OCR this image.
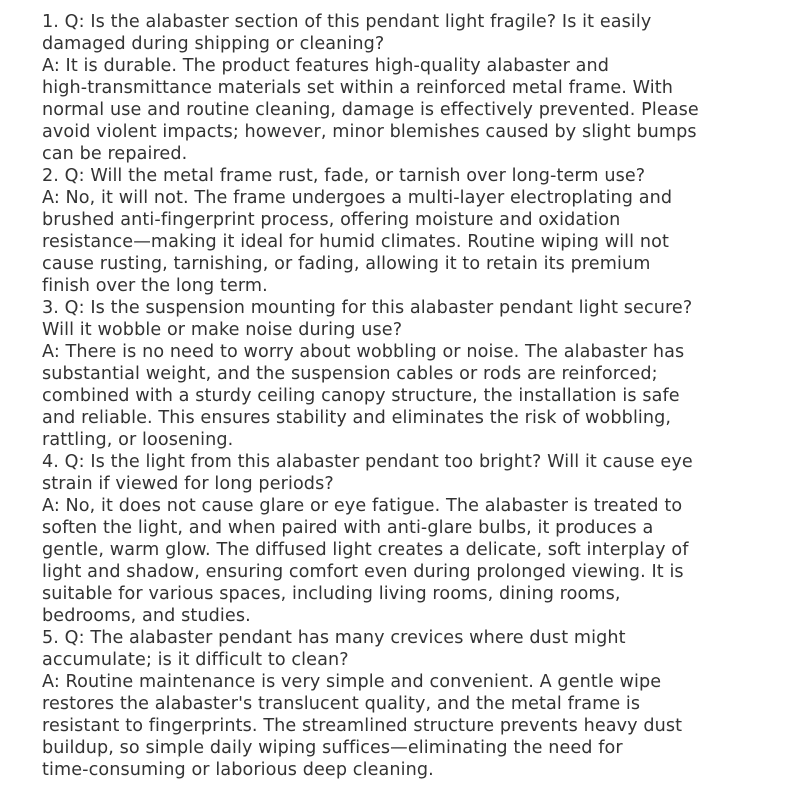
1. Q: Is the alabaster section of this pendant light fragile? Is it easily
damaged during shipping or cleaning?
A: It is durable. The product features high-quality alabaster and
high-transmittance materials set within a reinforced metal frame. With
normal use and routine cleaning, damage is effectively prevented. Please
avoid violent impacts; however, minor blemishes caused by slight bumps
can be repaired.
2. Q: Will the metal frame rust, fade, or tarnish over long-term use?
A: No, it will not. The frame undergoes a multi-layer electroplating and
brushed anti-fingerprint process, offering moisture and oxidation
resistance—making it ideal for humid climates. Routine wiping will not
cause rusting, tarnishing, or fading, allowing it to retain its premium
finish over the long term.
3. Q: Is the suspension mounting for this alabaster pendant light secure?
Will it wobble or make noise during use?
A: There is no need to worry about wobbling or noise. The alabaster has
substantial weight, and the suspension cables or rods are reinforced;
combined with a sturdy ceiling canopy structure, the installation is safe
and reliable. This ensures stability and eliminates the risk of wobbling,
rattling, or loosening.
4. Q: Is the light from this alabaster pendant too bright? Will it cause eye
strain if viewed for long periods?
A: No, it does not cause glare or eye fatigue. The alabaster is treated to
soften the light, and when paired with anti-glare bulbs, it produces a
gentle, warm glow. The diffused light creates a delicate, soft interplay of
light and shadow, ensuring comfort even during prolonged viewing. It is
suitable for various spaces, including living rooms, dining rooms,
bedrooms, and studies.
5. Q: The alabaster pendant has many crevices where dust might
accumulate; is it difficult to clean?
A: Routine maintenance is very simple and convenient. A gentle wipe
restores the alabaster's translucent quality, and the metal frame is
resistant to fingerprints. The streamlined structure prevents heavy dust
buildup, so simple daily wiping suffices—eliminating the need for
time-consuming or laborious deep cleaning.
